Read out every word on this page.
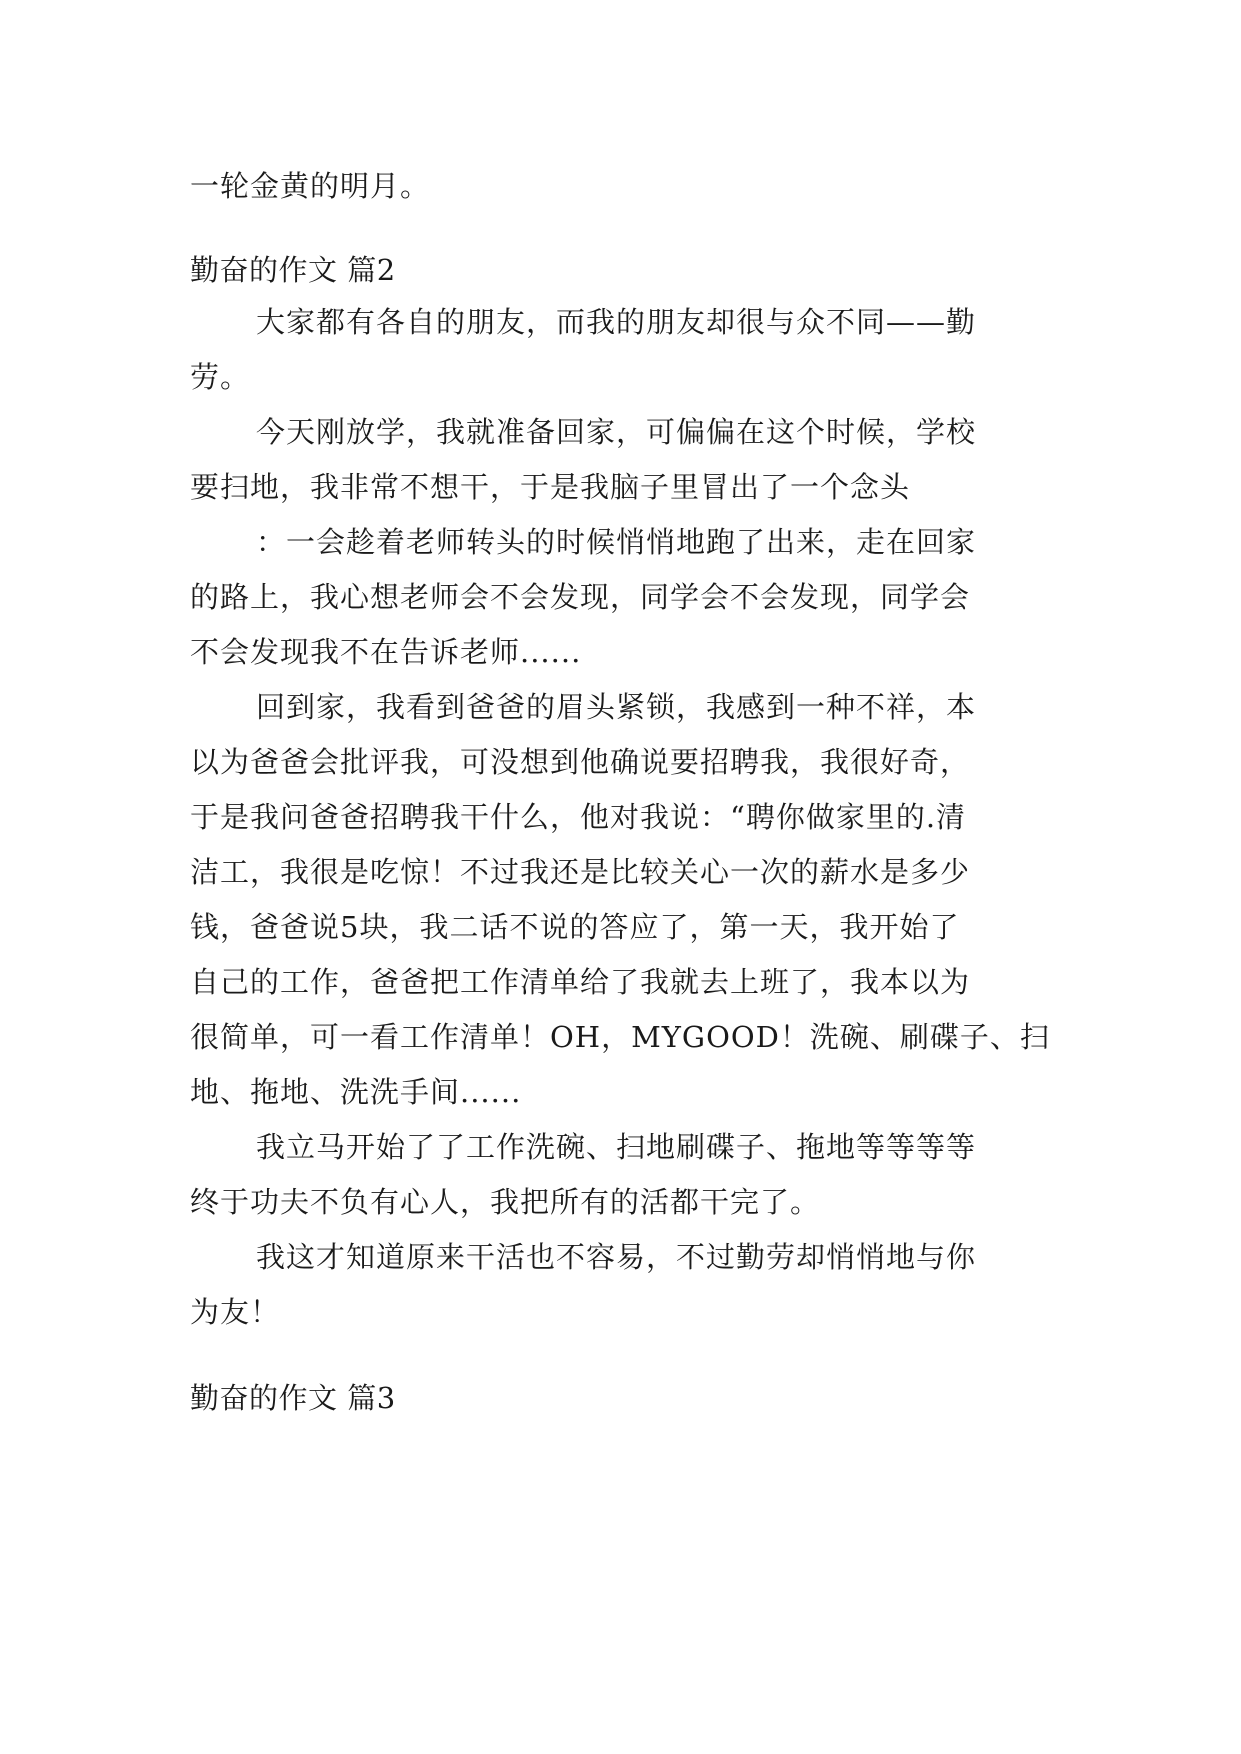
一轮金黄的明月。
勤奋的作文 篇2
大家都有各自的朋友，而我的朋友却很与众不同——勤
劳。
今天刚放学，我就准备回家，可偏偏在这个时候，学校
要扫地，我非常不想干，于是我脑子里冒出了一个念头
：一会趁着老师转头的时候悄悄地跑了出来，走在回家
的路上，我心想老师会不会发现，同学会不会发现，同学会
不会发现我不在告诉老师......
回到家，我看到爸爸的眉头紧锁，我感到一种不祥，本
以为爸爸会批评我，可没想到他确说要招聘我，我很好奇，
于是我问爸爸招聘我干什么，他对我说：“聘你做家里的.清
洁工，我很是吃惊！不过我还是比较关心一次的薪水是多少
钱，爸爸说5块，我二话不说的答应了，第一天，我开始了
自己的工作，爸爸把工作清单给了我就去上班了，我本以为
很简单，可一看工作清单！OH，MYGOOD！洗碗、刷碟子、扫
地、拖地、洗洗手间......
我立马开始了了工作洗碗、扫地刷碟子、拖地等等等等
终于功夫不负有心人，我把所有的活都干完了。
我这才知道原来干活也不容易，不过勤劳却悄悄地与你
为友！
勤奋的作文 篇3
